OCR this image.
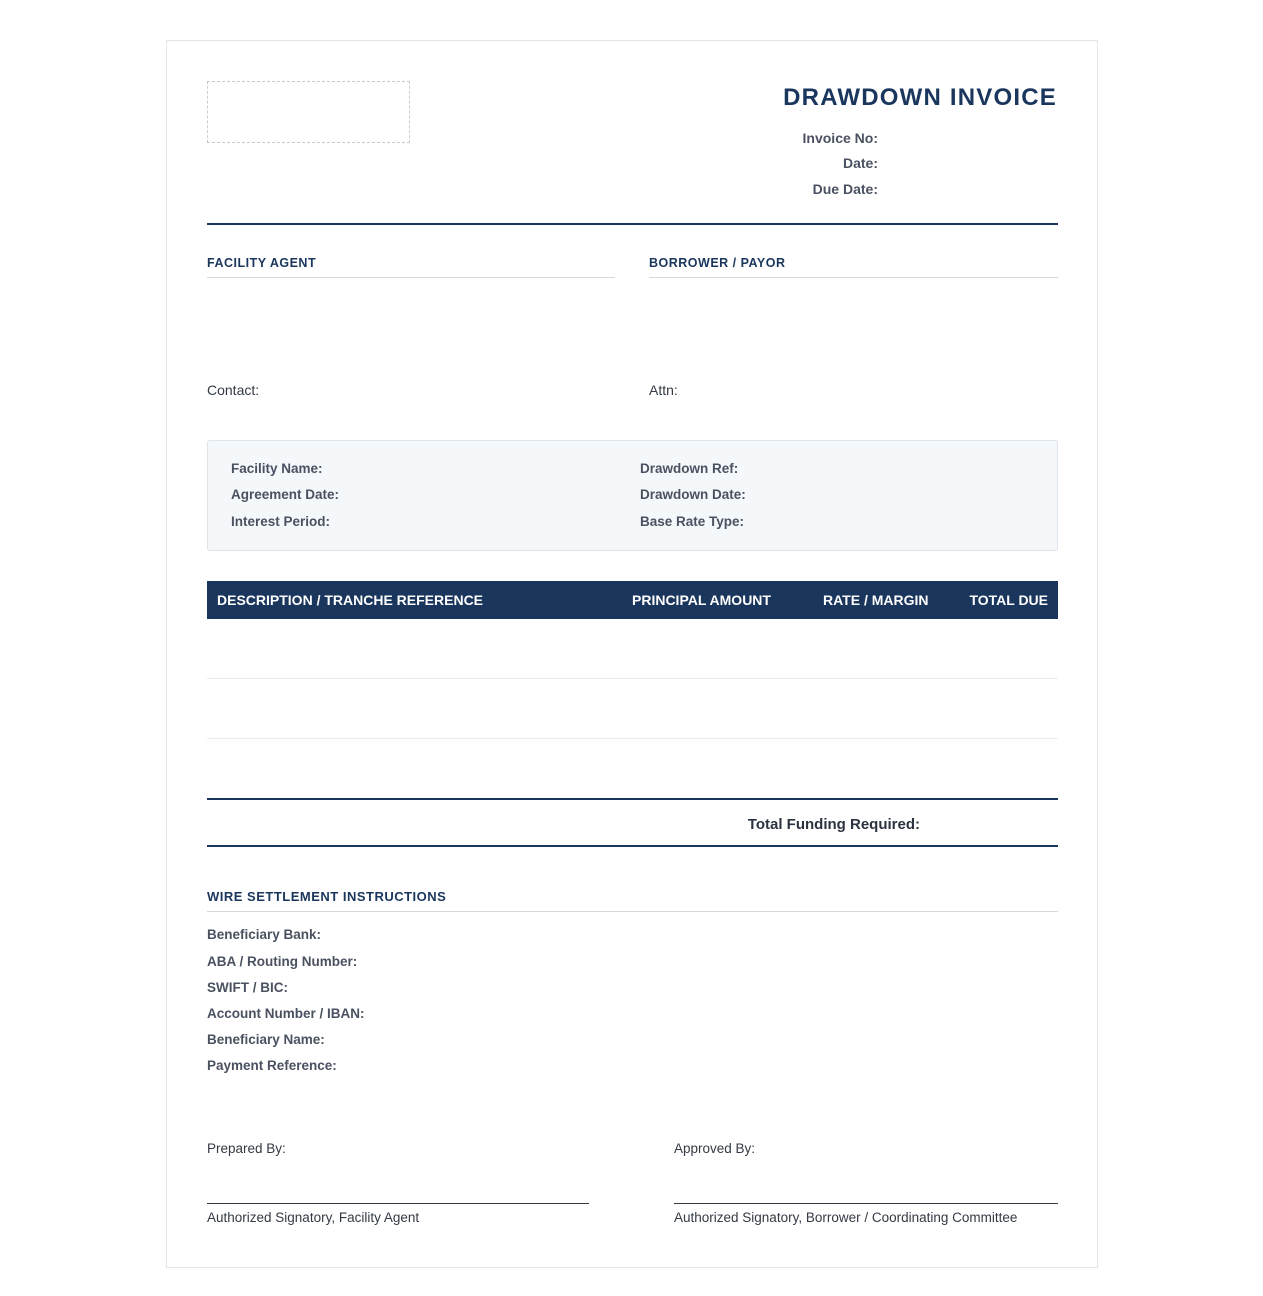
DRAWDOWN INVOICE
Invoice No:
Date:
Due Date:
FACILITY AGENT	BORROWER / PAYOR
Contact:	Attn:
Facility Name:
Agreement Date:
Interest Period:
Drawdown Ref:
Drawdown Date:
Base Rate Type:
DESCRIPTION / TRANCHE REFERENCE	PRINCIPAL AMOUNT	RATE / MARGIN	TOTAL DUE
Total Funding Required:
WIRE SETTLEMENT INSTRUCTIONS
Beneficiary Bank:
ABA / Routing Number:
SWIFT / BIC:
Account Number / IBAN:
Beneficiary Name:
Payment Reference:
Prepared By:
Authorized Signatory, Facility Agent
Approved By:
Authorized Signatory, Borrower / Coordinating Committee
